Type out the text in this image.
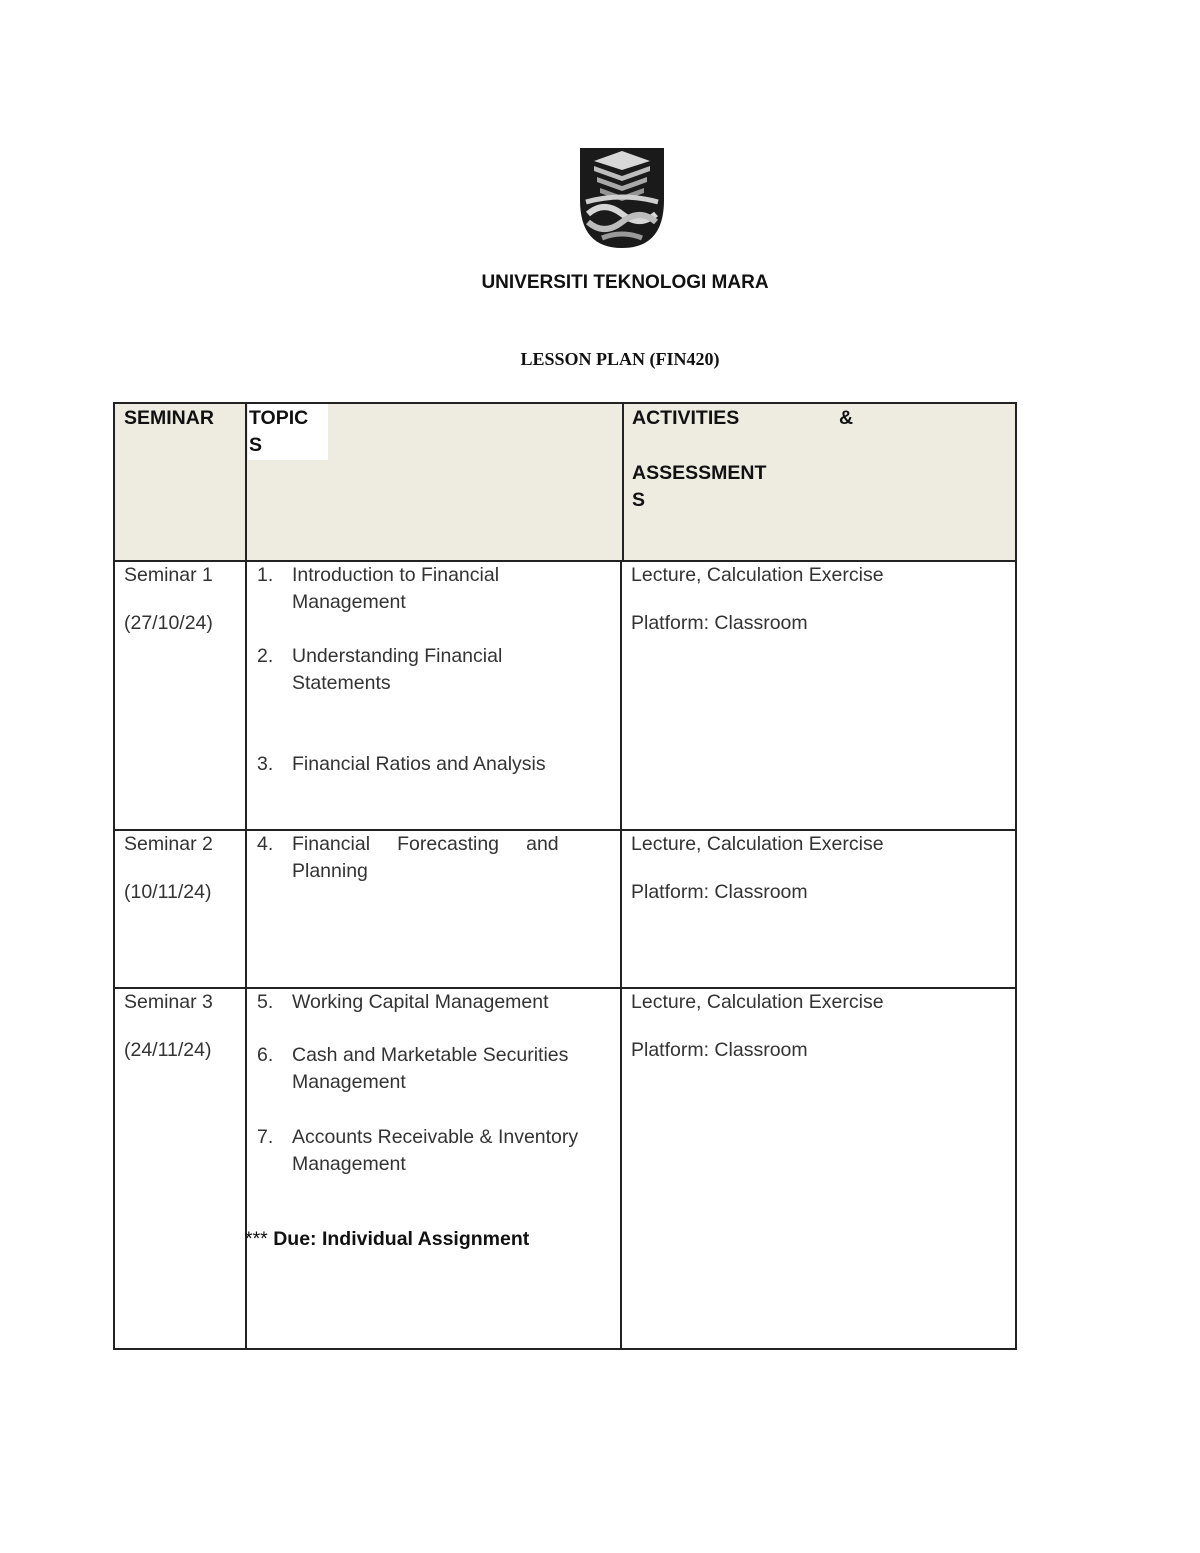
UNIVERSITI TEKNOLOGI MARA
LESSON PLAN (FIN420)
SEMINAR TOPIC
S
ACTIVITIES	&
ASSESSMENT
S
Seminar 1
(27/10/24)
1. Introduction to Financial
Management
2. Understanding Financial
Statements
3. Financial Ratios and Analysis
Lecture, Calculation Exercise
Platform: Classroom
Seminar 2
(10/11/24)
4. Financial     Forecasting     and
Planning
Lecture, Calculation Exercise
Platform: Classroom
Seminar 3
(24/11/24)
5. Working Capital Management
6. Cash and Marketable Securities
Management
7. Accounts Receivable & Inventory
Management
*** Due: Individual Assignment
Lecture, Calculation Exercise
Platform: Classroom
